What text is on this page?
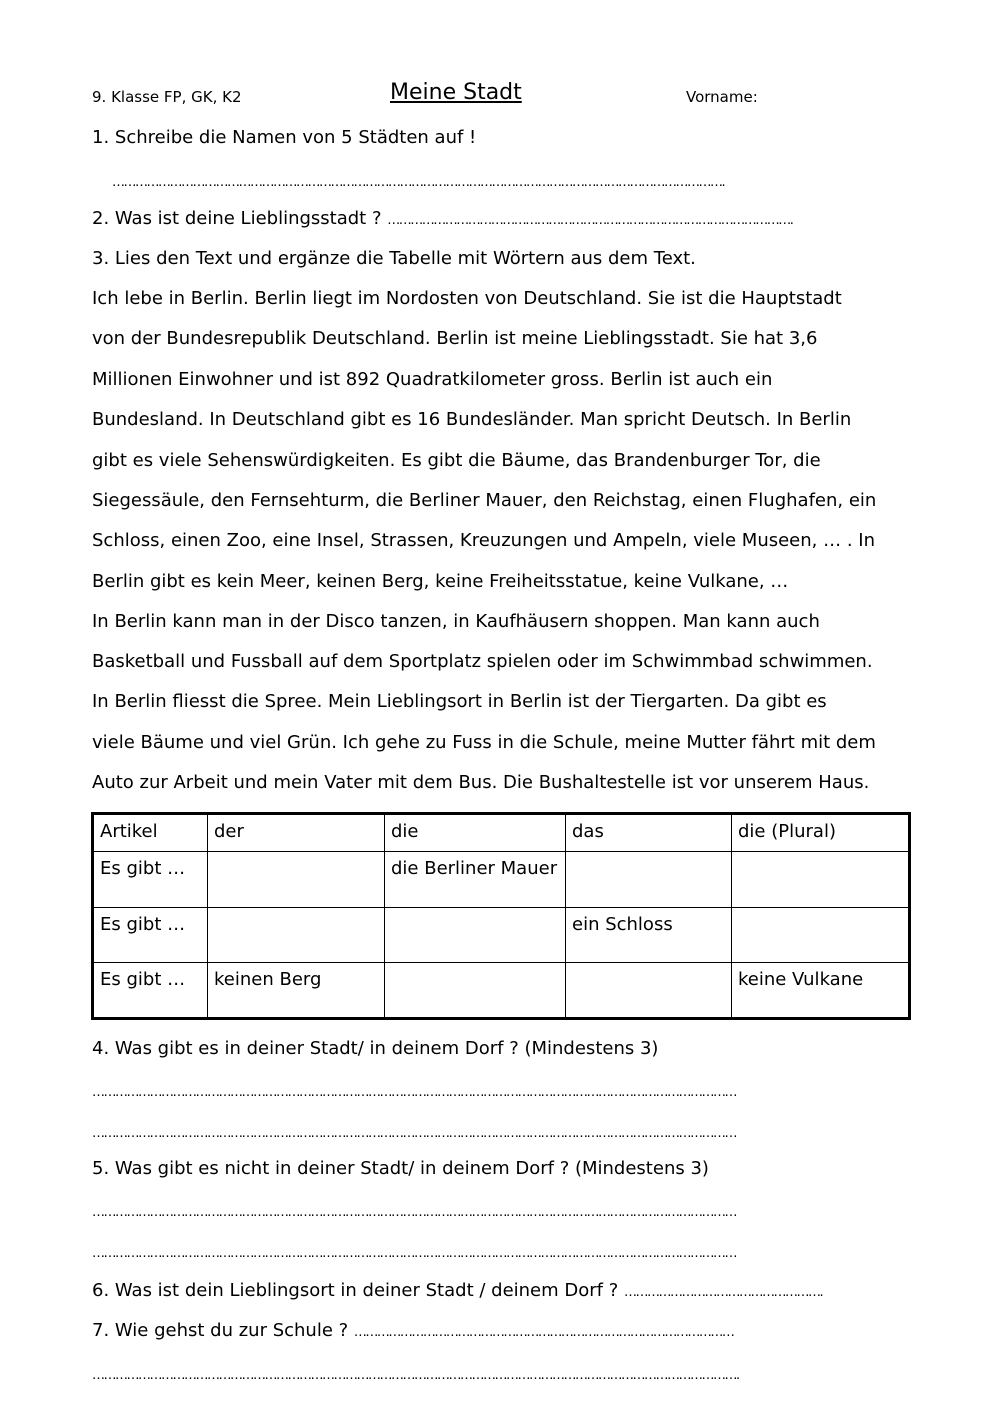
9. Klasse FP, GK, K2	Meine Stadt	Vorname:
1. Schreibe die Namen von 5 Städten auf !
…………………………………………………………………………………………………………………………………………….
2. Was ist deine Lieblingsstadt ? …………………………………………………………………………………………….
3. Lies den Text und ergänze die Tabelle mit Wörtern aus dem Text.
Ich lebe in Berlin. Berlin liegt im Nordosten von Deutschland. Sie ist die Hauptstadt
von der Bundesrepublik Deutschland. Berlin ist meine Lieblingsstadt. Sie hat 3,6
Millionen Einwohner und ist 892 Quadratkilometer gross. Berlin ist auch ein
Bundesland. In Deutschland gibt es 16 Bundesländer. Man spricht Deutsch. In Berlin
gibt es viele Sehenswürdigkeiten. Es gibt die Bäume, das Brandenburger Tor, die
Siegessäule, den Fernsehturm, die Berliner Mauer, den Reichstag, einen Flughafen, ein
Schloss, einen Zoo, eine Insel, Strassen, Kreuzungen und Ampeln, viele Museen, … . In
Berlin gibt es kein Meer, keinen Berg, keine Freiheitsstatue, keine Vulkane, …
In Berlin kann man in der Disco tanzen, in Kaufhäusern shoppen. Man kann auch
Basketball und Fussball auf dem Sportplatz spielen oder im Schwimmbad schwimmen.
In Berlin fliesst die Spree. Mein Lieblingsort in Berlin ist der Tiergarten. Da gibt es
viele Bäume und viel Grün. Ich gehe zu Fuss in die Schule, meine Mutter fährt mit dem
Auto zur Arbeit und mein Vater mit dem Bus. Die Bushaltestelle ist vor unserem Haus.
Artikel	der	die	das	die (Plural)
Es gibt …		die Berliner Mauer		
Es gibt …			ein Schloss	
Es gibt …	keinen Berg			keine Vulkane
4. Was gibt es in deiner Stadt/ in deinem Dorf ? (Mindestens 3)
……………………………………………………………………………………………………………………………………………………
……………………………………………………………………………………………………………………………………………………
5. Was gibt es nicht in deiner Stadt/ in deinem Dorf ? (Mindestens 3)
……………………………………………………………………………………………………………………………………………………
……………………………………………………………………………………………………………………………………………………
6. Was ist dein Lieblingsort in deiner Stadt / deinem Dorf ? …………………………………………….
7. Wie gehst du zur Schule ? ………………………………………………………………………………………
…………………………………………………………………………………………………………………………………………………….
